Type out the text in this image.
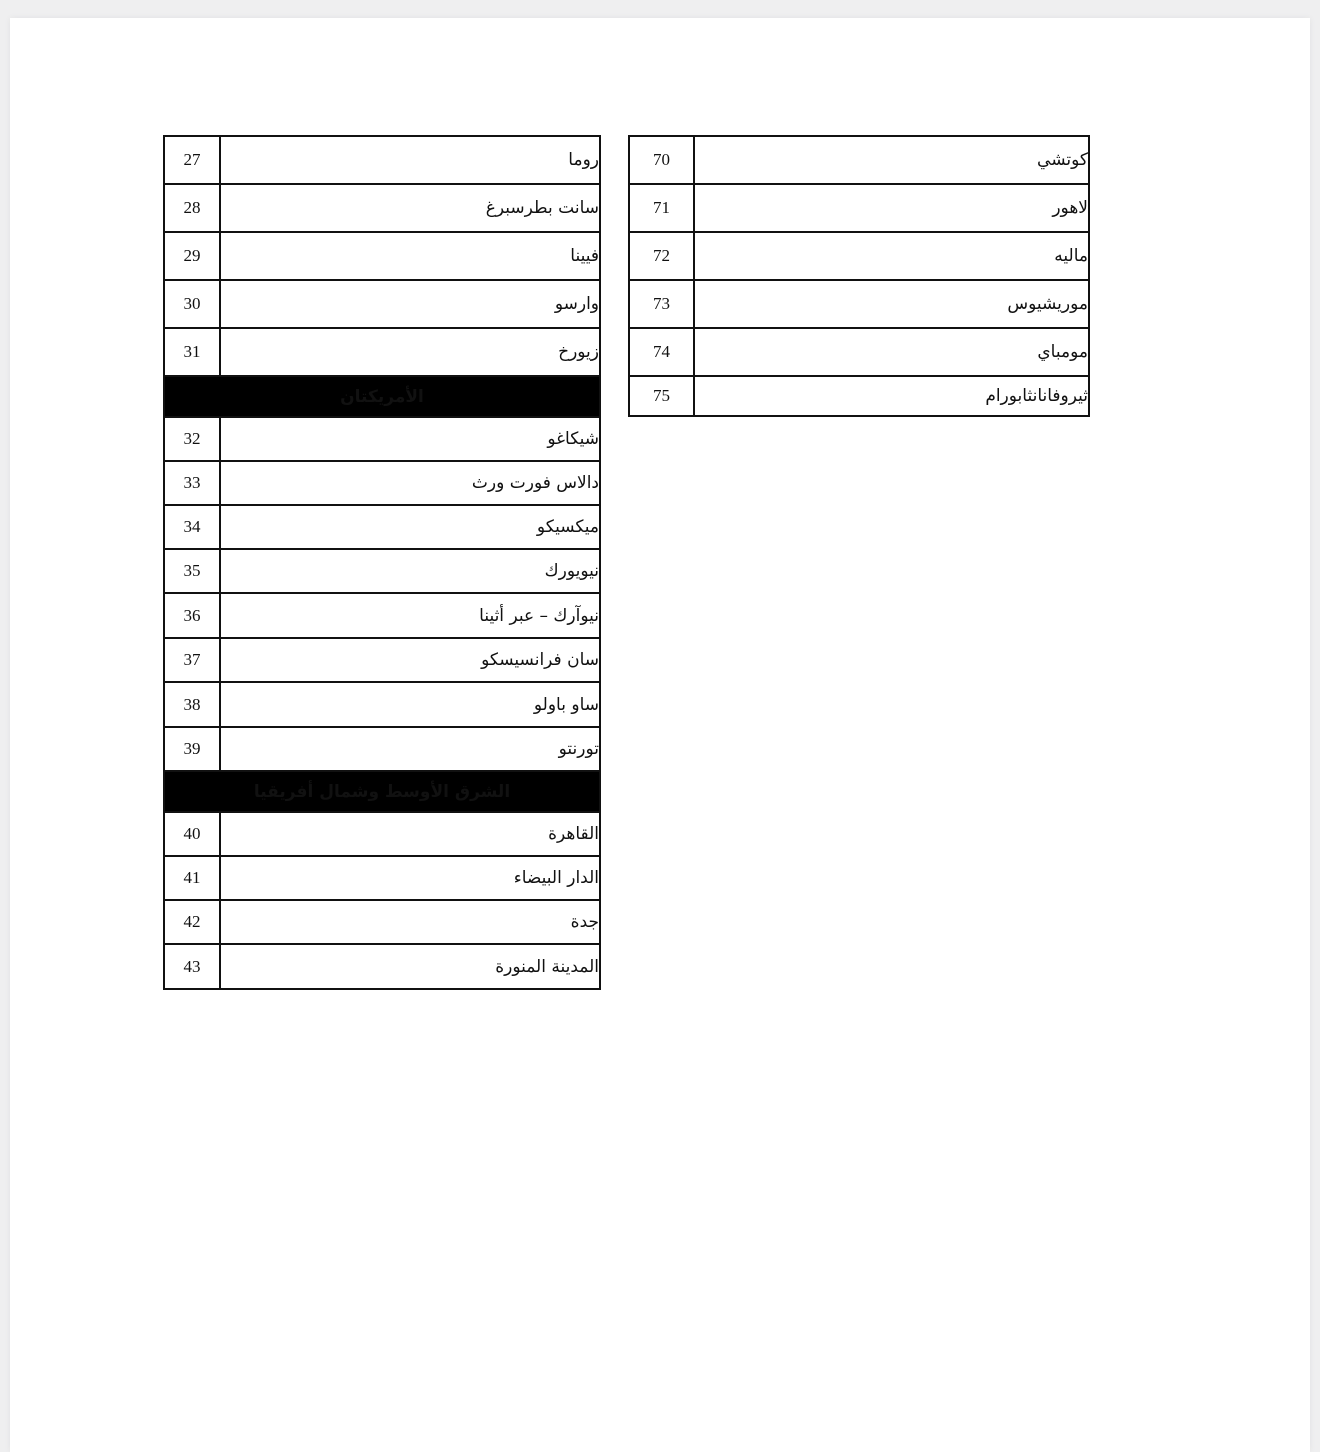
27	روما
28	سانت بطرسبرغ
29	فيينا
30	وارسو
31	زيورخ
الأمريكتان	
32	شيكاغو
33	دالاس فورت ورث
34	ميكسيكو
35	نيويورك
36	نيوآرك – عبر أثينا
37	سان فرانسيسكو
38	ساو باولو
39	تورنتو
الشرق الأوسط وشمال أفريقيا	
40	القاهرة
41	الدار البيضاء
42	جدة
43	المدينة المنورة
70	كوتشي
71	لاهور
72	ماليه
73	موريشيوس
74	مومباي
75	ثيروفانانثابورام
